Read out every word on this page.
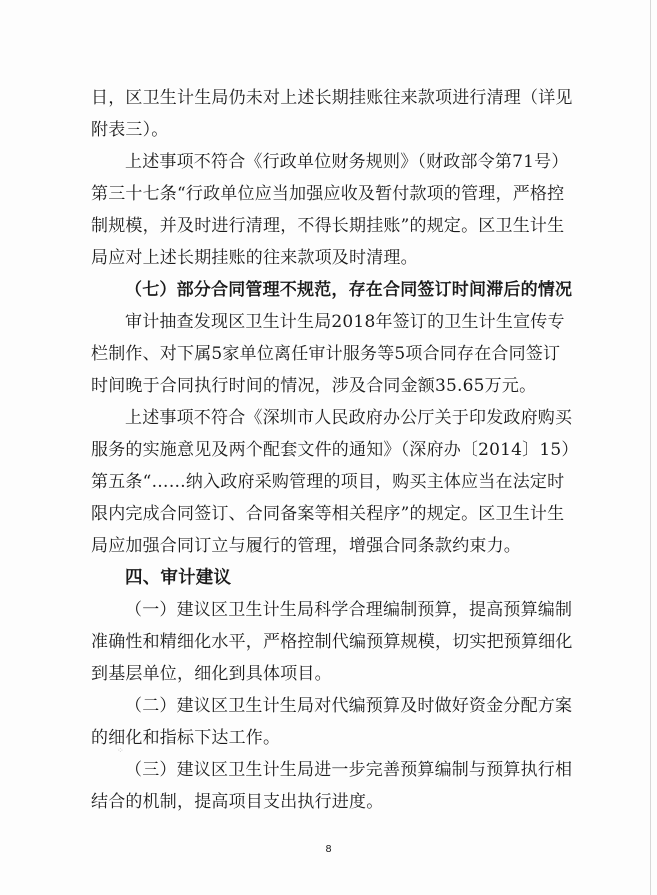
日，区卫生计生局仍未对上述长期挂账往来款项进行清理（详见
附表三）。
上述事项不符合《行政单位财务规则》（财政部令第71号）
第三十七条“行政单位应当加强应收及暂付款项的管理，严格控
制规模，并及时进行清理，不得长期挂账”的规定。区卫生计生
局应对上述长期挂账的往来款项及时清理。
（七）部分合同管理不规范，存在合同签订时间滞后的情况
审计抽查发现区卫生计生局2018年签订的卫生计生宣传专
栏制作、对下属5家单位离任审计服务等5项合同存在合同签订
时间晚于合同执行时间的情况，涉及合同金额35.65万元。
上述事项不符合《深圳市人民政府办公厅关于印发政府购买
服务的实施意见及两个配套文件的通知》（深府办〔2014〕15）
第五条“……纳入政府采购管理的项目，购买主体应当在法定时
限内完成合同签订、合同备案等相关程序”的规定。区卫生计生
局应加强合同订立与履行的管理，增强合同条款约束力。
四、审计建议
（一）建议区卫生计生局科学合理编制预算，提高预算编制
准确性和精细化水平，严格控制代编预算规模，切实把预算细化
到基层单位，细化到具体项目。
（二）建议区卫生计生局对代编预算及时做好资金分配方案
的细化和指标下达工作。
（三）建议区卫生计生局进一步完善预算编制与预算执行相
结合的机制，提高项目支出执行进度。
⁘
8
